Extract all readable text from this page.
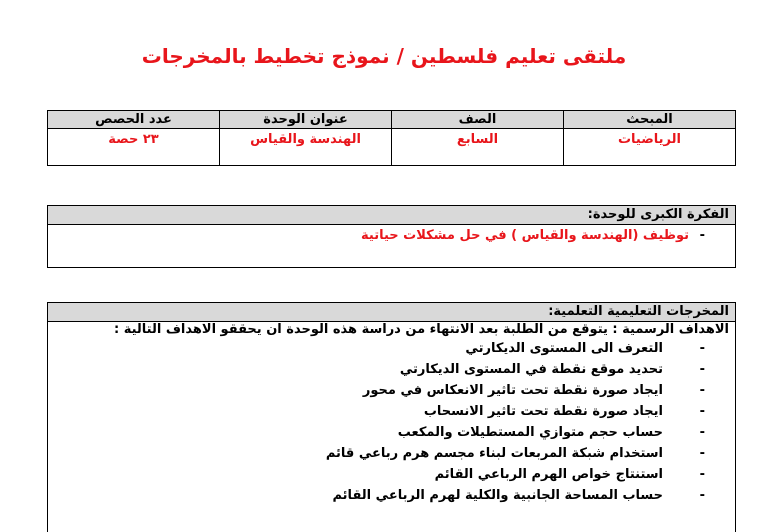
ملتقى تعليم فلسطين / نموذج تخطيط بالمخرجات
المبحث	الصف	عنوان الوحدة	عدد الحصص
الرياضيات	السابع	الهندسة والقياس	٢٣ حصة
الفكرة الكبرى للوحدة:
-
توظيف (الهندسة والقياس ) في حل مشكلات حياتية
المخرجات التعليمية التعلمية:
الاهداف الرسمية : يتوقع من الطلبة بعد الانتهاء من دراسة هذه الوحدة ان يحققو الاهداف التالية :
-
التعرف الى المستوى الديكارتي
-
تحديد موقع نقطة في المستوى الديكارتي
-
ايجاد صورة نقطة تحت تاثير الانعكاس في محور
-
ايجاد صورة نقطة تحت تاثير الانسحاب
-
حساب حجم متوازي المستطيلات والمكعب
-
استخدام شبكة المربعات لبناء مجسم هرم رباعي قائم
-
استنتاج خواص الهرم الرباعي القائم
-
حساب المساحة الجانبية والكلية لهرم الرباعي القائم
